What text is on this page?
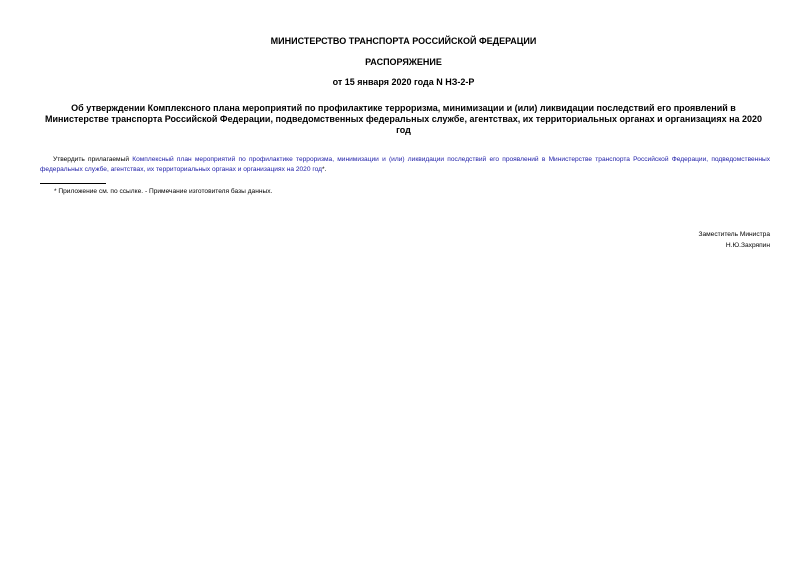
МИНИСТЕРСТВО ТРАНСПОРТА РОССИЙСКОЙ ФЕДЕРАЦИИ
РАСПОРЯЖЕНИЕ
от 15 января 2020 года N НЗ-2-Р
Об утверждении Комплексного плана мероприятий по профилактике терроризма, минимизации и (или) ликвидации последствий его проявлений в Министерстве транспорта Российской Федерации, подведомственных федеральных службе, агентствах, их территориальных органах и организациях на 2020 год
Утвердить прилагаемый Комплексный план мероприятий по профилактике терроризма, минимизации и (или) ликвидации последствий его проявлений в Министерстве транспорта Российской Федерации, подведомственных федеральных службе, агентствах, их территориальных органах и организациях на 2020 год*.
* Приложение см. по ссылке. - Примечание изготовителя базы данных.
Заместитель Министра
Н.Ю.Захряпин
